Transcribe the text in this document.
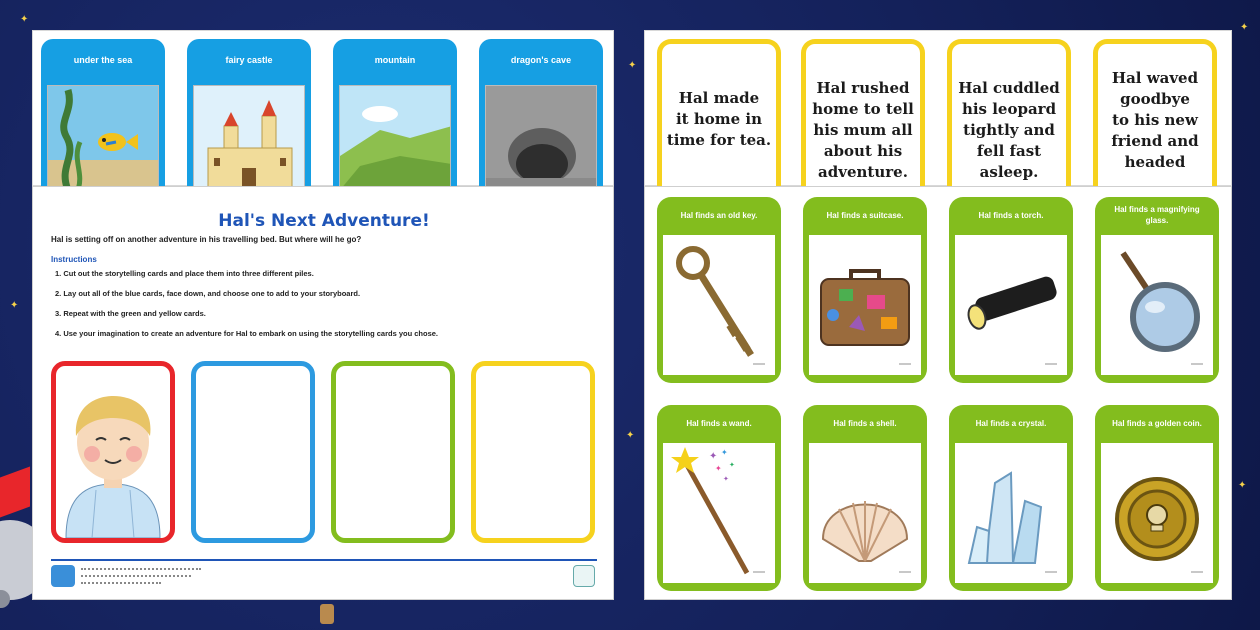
✦
✦
✦
✦
✦
✦
under the sea	fairy castle	mountain	dragon's cave
Hal's Next Adventure!
Hal is setting off on another adventure in his travelling bed. But where will he go?
Instructions
1. Cut out the storytelling cards and place them into three different piles.
2. Lay out all of the blue cards, face down, and choose one to add to your storyboard.
3. Repeat with the green and yellow cards.
4. Use your imagination to create an adventure for Hal to embark on using the storytelling cards you chose.
Hal made
it home in
time for tea.
Hal rushed
home to tell
his mum all
about his
adventure.
Hal cuddled
his leopard
tightly and
fell fast
asleep.
Hal waved
goodbye
to his new
friend and
headed
Hal finds an old key.	Hal finds a suitcase.	Hal finds a torch.
Hal finds a magnifying glass.
Hal finds a wand.
✦ ✦
✦ ✦
✦
Hal finds a shell.	Hal finds a crystal.	Hal finds a golden coin.
